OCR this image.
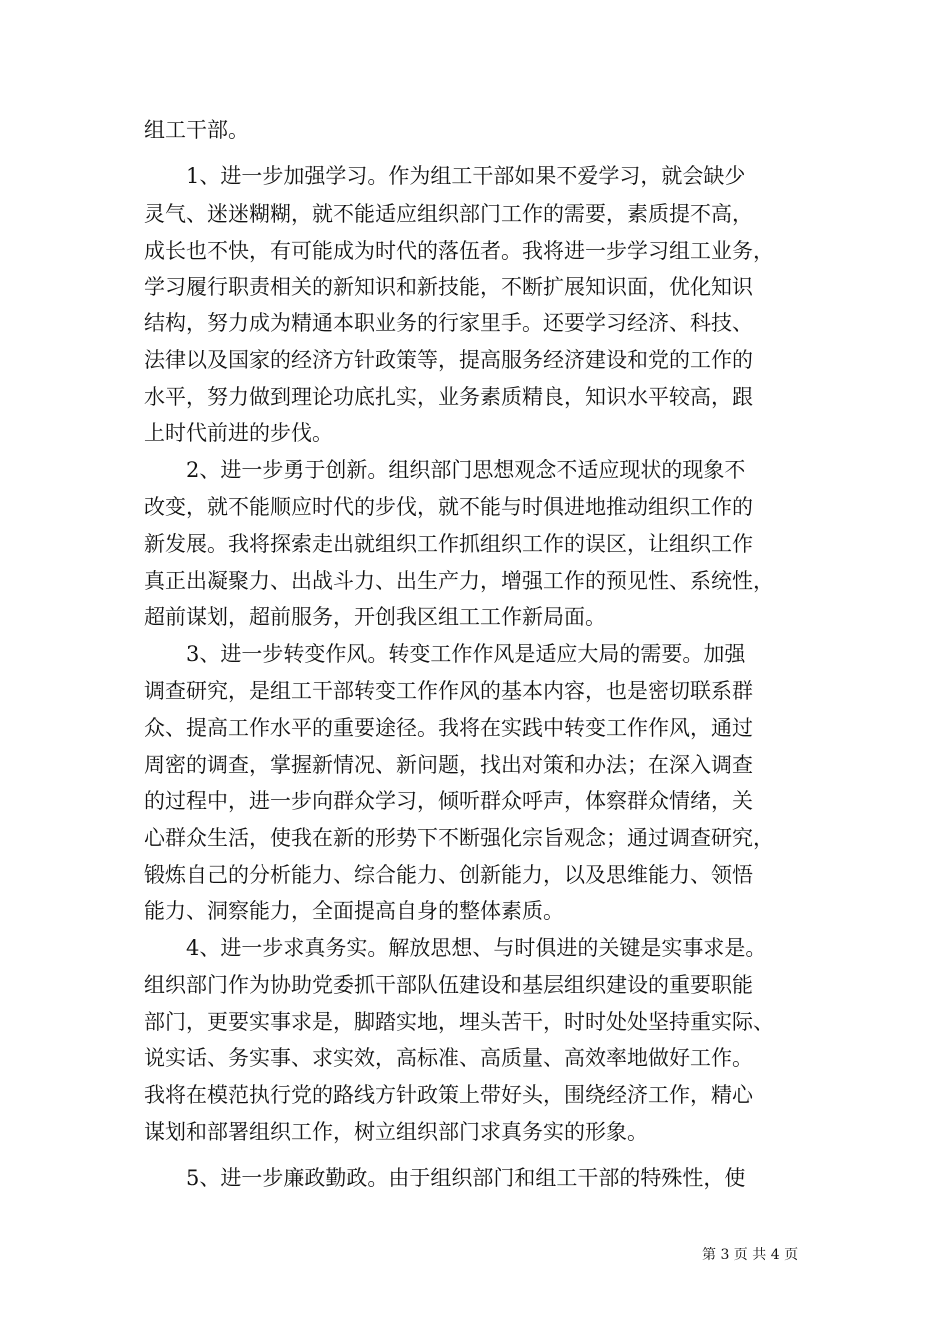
组工干部。
1、进一步加强学习。作为组工干部如果不爱学习，就会缺少
灵气、迷迷糊糊，就不能适应组织部门工作的需要，素质提不高，
成长也不快，有可能成为时代的落伍者。我将进一步学习组工业务，
学习履行职责相关的新知识和新技能，不断扩展知识面，优化知识
结构，努力成为精通本职业务的行家里手。还要学习经济、科技、
法律以及国家的经济方针政策等，提高服务经济建设和党的工作的
水平，努力做到理论功底扎实，业务素质精良，知识水平较高，跟
上时代前进的步伐。
2、进一步勇于创新。组织部门思想观念不适应现状的现象不
改变，就不能顺应时代的步伐，就不能与时俱进地推动组织工作的
新发展。我将探索走出就组织工作抓组织工作的误区，让组织工作
真正出凝聚力、出战斗力、出生产力，增强工作的预见性、系统性，
超前谋划，超前服务，开创我区组工工作新局面。
3、进一步转变作风。转变工作作风是适应大局的需要。加强
调查研究，是组工干部转变工作作风的基本内容，也是密切联系群
众、提高工作水平的重要途径。我将在实践中转变工作作风，通过
周密的调查，掌握新情况、新问题，找出对策和办法；在深入调查
的过程中，进一步向群众学习，倾听群众呼声，体察群众情绪，关
心群众生活，使我在新的形势下不断强化宗旨观念；通过调查研究，
锻炼自己的分析能力、综合能力、创新能力，以及思维能力、领悟
能力、洞察能力，全面提高自身的整体素质。
4、进一步求真务实。解放思想、与时俱进的关键是实事求是。
组织部门作为协助党委抓干部队伍建设和基层组织建设的重要职能
部门，更要实事求是，脚踏实地，埋头苦干，时时处处坚持重实际、
说实话、务实事、求实效，高标准、高质量、高效率地做好工作。
我将在模范执行党的路线方针政策上带好头，围绕经济工作，精心
谋划和部署组织工作，树立组织部门求真务实的形象。
5、进一步廉政勤政。由于组织部门和组工干部的特殊性，使
第 3 页 共 4 页
